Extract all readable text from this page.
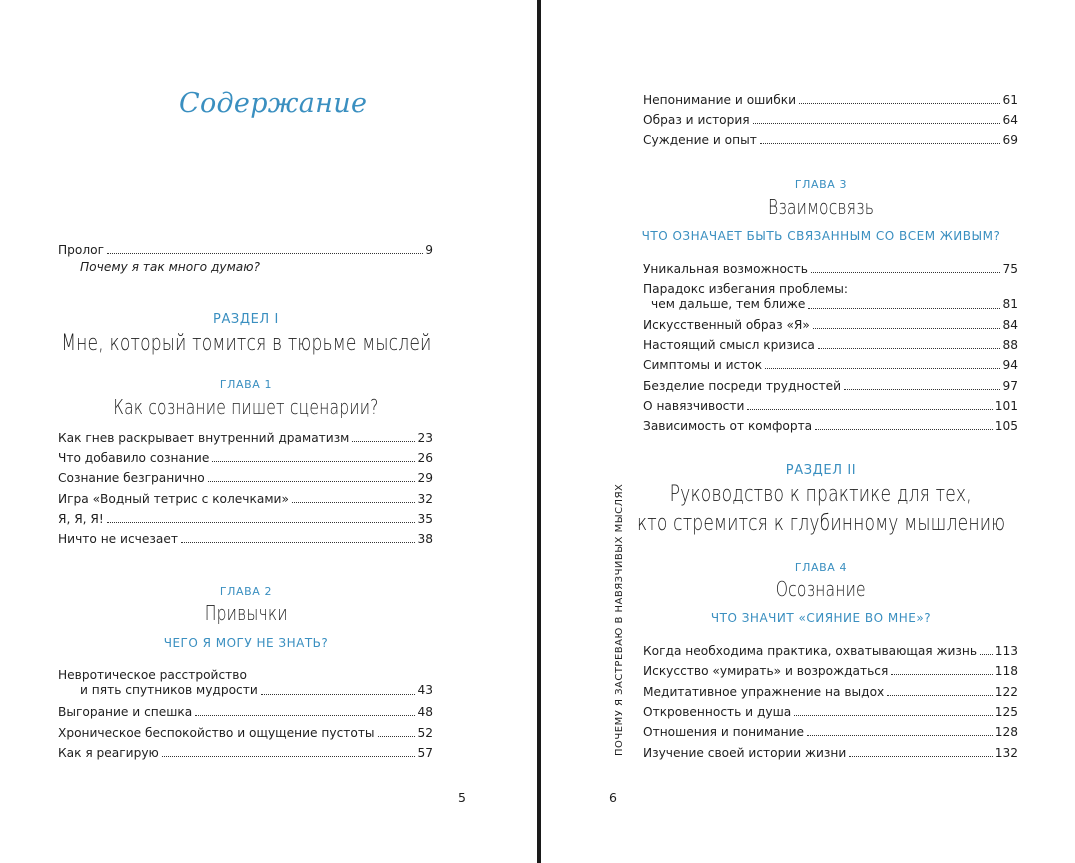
Содержание
Пролог	9
Почему я так много думаю?
РАЗДЕЛ I
Мне, который томится в тюрьме мыслей
ГЛАВА 1
Как сознание пишет сценарии?
Как гнев раскрывает внутренний драматизм	23
Что добавило сознание	26
Сознание безгранично	29
Игра «Водный тетрис с колечками»	32
Я, Я, Я!	35
Ничто не исчезает	38
ГЛАВА 2
Привычки
ЧЕГО Я МОГУ НЕ ЗНАТЬ?
Невротическое расстройство
и пять спутников мудрости	43
Выгорание и спешка	48
Хроническое беспокойство и ощущение пустоты	52
Как я реагирую	57
5
Непонимание и ошибки	61
Образ и история	64
Суждение и опыт	69
ГЛАВА 3
Взаимосвязь
ЧТО ОЗНАЧАЕТ БЫТЬ СВЯЗАННЫМ СО ВСЕМ ЖИВЫМ?
Уникальная возможность	75
Парадокс избегания проблемы:
чем дальше, тем ближе	81
Искусственный образ «Я»	84
Настоящий смысл кризиса	88
Симптомы и исток	94
Безделие посреди трудностей	97
О навязчивости	101
Зависимость от комфорта	105
РАЗДЕЛ II
Руководство к практике для тех,
кто стремится к глубинному мышлению
ГЛАВА 4
Осознание
ЧТО ЗНАЧИТ «СИЯНИЕ ВО МНЕ»?
Когда необходима практика, охватывающая жизнь 113
Искусство «умирать» и возрождаться	118
Медитативное упражнение на выдох	122
Откровенность и душа	125
Отношения и понимание	128
Изучение своей истории жизни	132
6
ПОЧЕМУ Я ЗАСТРЕВАЮ В НАВЯЗЧИВЫХ МЫСЛЯХ
